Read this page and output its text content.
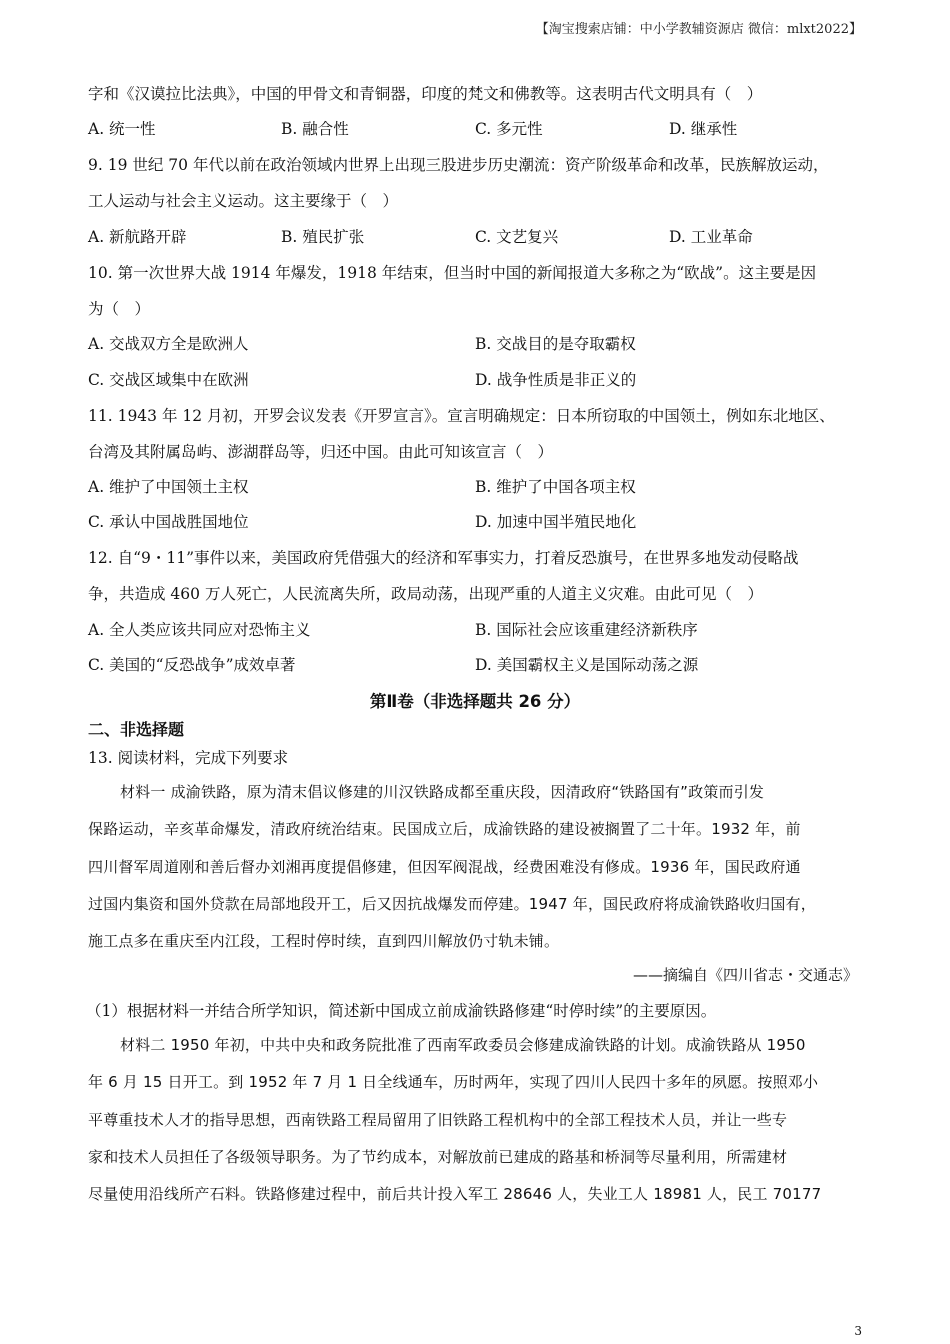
【淘宝搜索店铺：中小学教辅资源店 微信：mlxt2022】
字和《汉谟拉比法典》，中国的甲骨文和青铜器，印度的梵文和佛教等。这表明古代文明具有（　）
A. 统一性	B. 融合性	C. 多元性	D. 继承性
9. 19 世纪 70 年代以前在政治领域内世界上出现三股进步历史潮流：资产阶级革命和改革，民族解放运动，
工人运动与社会主义运动。这主要缘于（　）
A. 新航路开辟	B. 殖民扩张	C. 文艺复兴	D. 工业革命
10. 第一次世界大战 1914 年爆发，1918 年结束，但当时中国的新闻报道大多称之为“欧战”。这主要是因
为（　）
A. 交战双方全是欧洲人	B. 交战目的是夺取霸权
C. 交战区域集中在欧洲	D. 战争性质是非正义的
11. 1943 年 12 月初，开罗会议发表《开罗宣言》。宣言明确规定：日本所窃取的中国领土，例如东北地区、
台湾及其附属岛屿、澎湖群岛等，归还中国。由此可知该宣言（　）
A. 维护了中国领土主权	B. 维护了中国各项主权
C. 承认中国战胜国地位	D. 加速中国半殖民地化
12. 自“9・11”事件以来，美国政府凭借强大的经济和军事实力，打着反恐旗号，在世界多地发动侵略战
争，共造成 460 万人死亡，人民流离失所，政局动荡，出现严重的人道主义灾难。由此可见（　）
A. 全人类应该共同应对恐怖主义	B. 国际社会应该重建经济新秩序
C. 美国的“反恐战争”成效卓著	D. 美国霸权主义是国际动荡之源
第Ⅱ卷（非选择题共 26 分）
二、非选择题
13. 阅读材料，完成下列要求
材料一 成渝铁路，原为清末倡议修建的川汉铁路成都至重庆段，因清政府“铁路国有”政策而引发
保路运动，辛亥革命爆发，清政府统治结束。民国成立后，成渝铁路的建设被搁置了二十年。1932 年，前
四川督军周道刚和善后督办刘湘再度提倡修建，但因军阀混战，经费困难没有修成。1936 年，国民政府通
过国内集资和国外贷款在局部地段开工，后又因抗战爆发而停建。1947 年，国民政府将成渝铁路收归国有，
施工点多在重庆至内江段，工程时停时续，直到四川解放仍寸轨未铺。
——摘编自《四川省志・交通志》
（1）根据材料一并结合所学知识，简述新中国成立前成渝铁路修建“时停时续”的主要原因。
材料二 1950 年初，中共中央和政务院批准了西南军政委员会修建成渝铁路的计划。成渝铁路从 1950
年 6 月 15 日开工。到 1952 年 7 月 1 日全线通车，历时两年，实现了四川人民四十多年的夙愿。按照邓小
平尊重技术人才的指导思想，西南铁路工程局留用了旧铁路工程机构中的全部工程技术人员，并让一些专
家和技术人员担任了各级领导职务。为了节约成本，对解放前已建成的路基和桥洞等尽量利用，所需建材
尽量使用沿线所产石料。铁路修建过程中，前后共计投入军工 28646 人，失业工人 18981 人，民工 70177
3
